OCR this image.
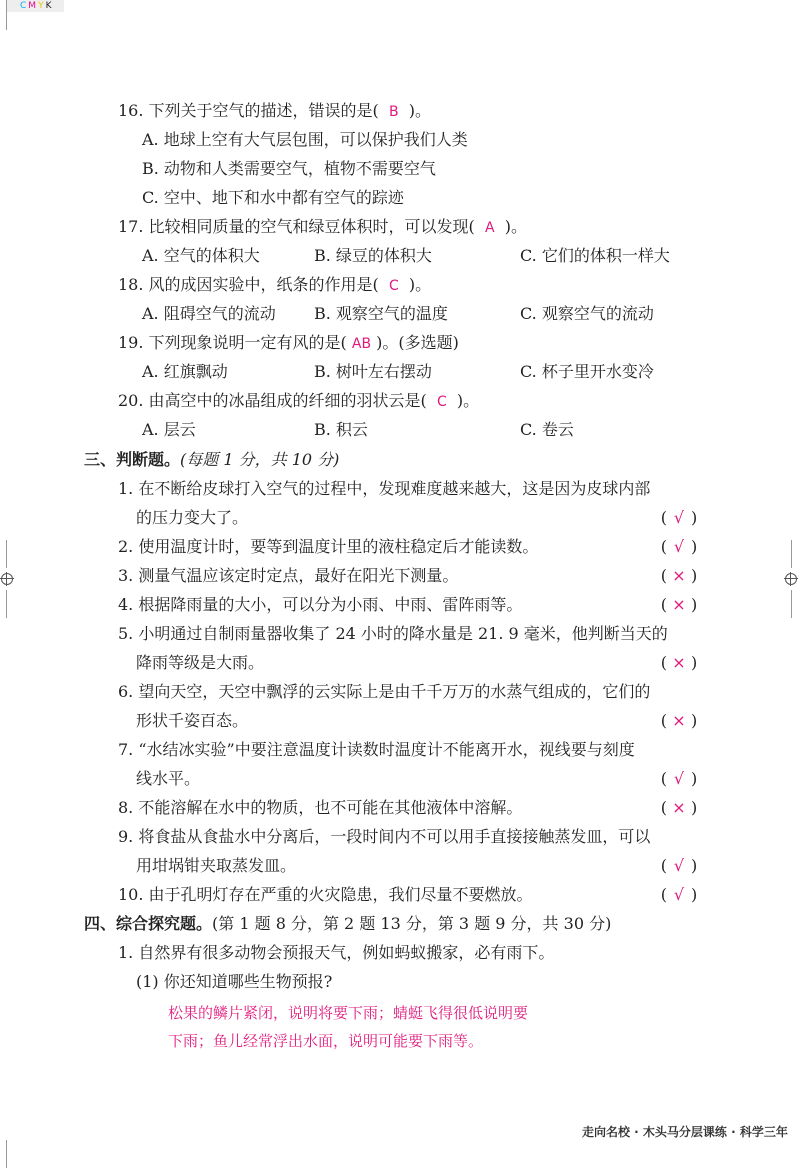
C M Y K
16. 下列关于空气的描述，错误的是( B )。
A. 地球上空有大气层包围，可以保护我们人类
B. 动物和人类需要空气，植物不需要空气
C. 空中、地下和水中都有空气的踪迹
17. 比较相同质量的空气和绿豆体积时，可以发现( A )。
A. 空气的体积大	B. 绿豆的体积大	C. 它们的体积一样大
18. 风的成因实验中，纸条的作用是( C )。
A. 阻碍空气的流动 B. 观察空气的温度	C. 观察空气的流动
19. 下列现象说明一定有风的是( AB )。(多选题)
A. 红旗飘动	B. 树叶左右摆动	C. 杯子里开水变冷
20. 由高空中的冰晶组成的纤细的羽状云是( C )。
A. 层云	B. 积云	C. 卷云
三、判断题。(每题 1 分，共 10 分)
1. 在不断给皮球打入空气的过程中，发现难度越来越大，这是因为皮球内部
的压力变大了。	( √ )
2. 使用温度计时，要等到温度计里的液柱稳定后才能读数。	( √ )
3. 测量气温应该定时定点，最好在阳光下测量。	( × )
4. 根据降雨量的大小，可以分为小雨、中雨、雷阵雨等。	( × )
5. 小明通过自制雨量器收集了 24 小时的降水量是 21. 9 毫米，他判断当天的
降雨等级是大雨。	( × )
6. 望向天空，天空中飘浮的云实际上是由千千万万的水蒸气组成的，它们的
形状千姿百态。	( × )
7. “水结冰实验”中要注意温度计读数时温度计不能离开水，视线要与刻度
线水平。	( √ )
8. 不能溶解在水中的物质，也不可能在其他液体中溶解。	( × )
9. 将食盐从食盐水中分离后，一段时间内不可以用手直接接触蒸发皿，可以
用坩埚钳夹取蒸发皿。	( √ )
10. 由于孔明灯存在严重的火灾隐患，我们尽量不要燃放。	( √ )
四、综合探究题。(第 1 题 8 分，第 2 题 13 分，第 3 题 9 分，共 30 分)
1. 自然界有很多动物会预报天气，例如蚂蚁搬家，必有雨下。
(1) 你还知道哪些生物预报?
松果的鳞片紧闭，说明将要下雨；蜻蜓飞得很低说明要
下雨；鱼儿经常浮出水面，说明可能要下雨等。
走向名校 · 木头马分层课练 · 科学三年
